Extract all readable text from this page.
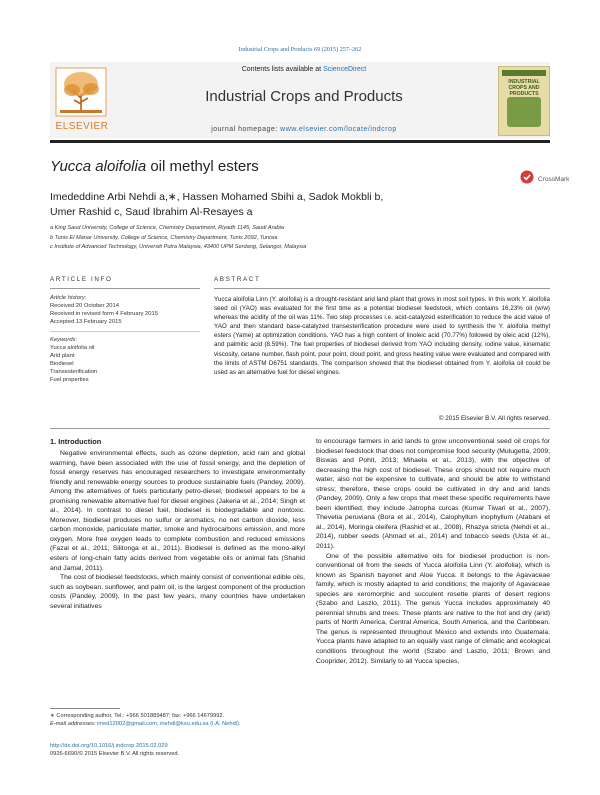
Industrial Crops and Products 69 (2015) 257–262
ELSEVIER
Contents lists available at ScienceDirect
Industrial Crops and Products
journal homepage: www.elsevier.com/locate/indcrop
INDUSTRIAL CROPS AND PRODUCTS
Yucca aloifolia oil methyl esters
CrossMark
Imededdine Arbi Nehdi a,∗, Hassen Mohamed Sbihi a, Sadok Mokbli b,
Umer Rashid c, Saud Ibrahim Al-Resayes a
a King Saud University, College of Science, Chemistry Department, Riyadh 1145, Saudi Arabia
b Tunis El Manar University, College of Science, Chemistry Department, Tunis 2092, Tunisia
c Institute of Advanced Technology, Universiti Putra Malaysia, 43400 UPM Serdang, Selangor, Malaysia
ARTICLE INFO	ABSTRACT
Article history:
Received 20 October 2014
Received in revised form 4 February 2015
Accepted 13 February 2015
Keywords:
Yucca aloifolia oil
Arid plant
Biodiesel
Transesterification
Fuel properties
Yucca aloifolia Linn (Y. aloifolia) is a drought-resistant arid land plant that grows in most soil types. In this work Y. aloifolia seed oil (YAO) was evaluated for the first time as a potential biodiesel feedstock, which contains 16.23% oil (w/w) whereas the acidity of the oil was 11%. Two step processes i.e. acid-catalyzed esterification to reduce the acid value of YAO and then standard base-catalyzed transesterification procedure were used to synthesis the Y. aloifolia methyl esters (Yame) at optimization conditions. YAO has a high content of linoleic acid (70.77%) followed by oleic acid (12%), and palmitic acid (8.59%). The fuel properties of biodiesel derived from YAO including density, iodine value, kinematic viscosity, cetane number, flash point, pour point, cloud point, and gross heating value were evaluated and compared with the limits of ASTM D6751 standards. The comparison showed that the biodiesel obtained from Y. aloifolia oil could be used as an alternative fuel for diesel engines.
© 2015 Elsevier B.V. All rights reserved.
1. Introduction

Negative environmental effects, such as ozone depletion, acid rain and global warming, have been associated with the use of fossil energy, and the depletion of fossil energy reserves has encouraged researchers to investigate environmentally friendly and renewable energy sources to produce sustainable fuels (Pandey, 2009). Among the alternatives of fuels particularly petro-diesel, biodiesel appears to be a promising renewable alternative fuel for diesel engines (Jakeria et al., 2014; Singh et al., 2014). In contrast to diesel fuel, biodiesel is biodegradable and nontoxic. Moreover, biodiesel produces no sulfur or aromatics, no net carbon dioxide, less carbon monoxide, particulate matter, smoke and hydrocarbons emission, and more oxygen. More free oxygen leads to complete combustion and reduced emissions (Fazal et al., 2011; Silitonga et al., 2011). Biodiesel is defined as the mono-alkyl esters of long-chain fatty acids derived from vegetable oils or animal fats (Shahid and Jamal, 2011).

The cost of biodiesel feedstocks, which mainly consist of conventional edible oils, such as soybean, sunflower, and palm oil, is the largest component of the production costs (Pandey, 2009). In the past few years, many countries have undertaken several initiatives

to encourage farmers in arid lands to grow unconventional seed oil crops for biodiesel feedstock that does not compromise food security (Mulugetta, 2009; Biswas and Pohit, 2013; Mihaela et al., 2013), with the objective of decreasing the high cost of biodiesel. These crops should not require much water, also not be expensive to cultivate, and should be able to withstand stress; therefore, these crops could be cultivated in dry and arid lands (Pandey, 2009). Only a few crops that meet these specific requirements have been identified; they include Jatropha curcas (Kumar Tiwari et al., 2007), Thevetia peruviana (Bora et al., 2014), Calophyllum inophyllum (Atabani et al., 2014), Moringa oleifera (Rashid et al., 2008), Rhazya stricta (Nehdi et al., 2014), rubber seeds (Ahmad et al., 2014) and tobacco seeds (Usta et al., 2011).

One of the possible alternative oils for biodiesel production is non-conventional oil from the seeds of Yucca aloifolia Linn (Y. aloifolia), which is known as Spanish bayonet and Aloe Yucca. It belongs to the Agavaceae family, which is mostly adapted to arid conditions; the majority of Agavaceae species are xeromorphic and succulent rosette plants of desert regions (Szabo and Laszlo, 2011). The genus Yucca includes approximately 40 perennial shrubs and trees. These plants are native to the hot and dry (arid) parts of North America, Central America, South America, and the Caribbean. The genus is represented throughout Mexico and extends into Guatemala. Yucca plants have adapted to an equally vast range of climatic and ecological conditions throughout the world (Szabo and Laszlo, 2011; Brown and Cooprider, 2012). Similarly to all Yucca species,

∗ Corresponding author. Tel.: +966 501889487; fax: +966 14679992.
E-mail addresses: imed12002@gmail.com, inehdi@ksu.edu.sa (I.A. Nehdi).
http://dx.doi.org/10.1016/j.indcrop.2015.02.029
0926-6690/© 2015 Elsevier B.V. All rights reserved.
